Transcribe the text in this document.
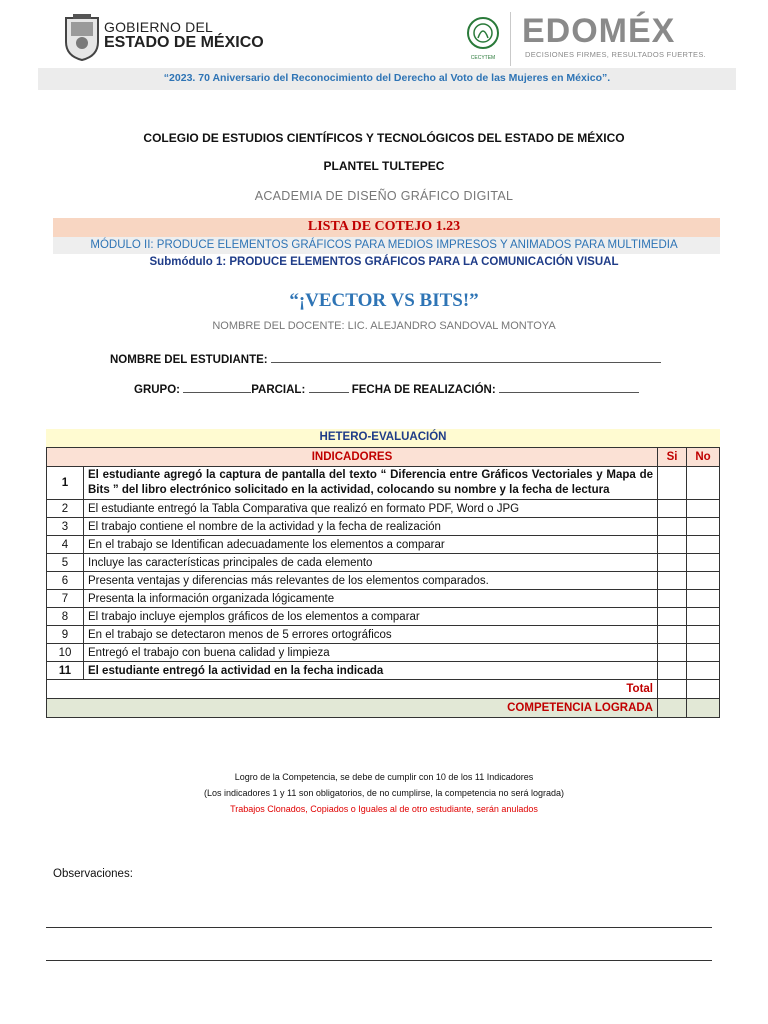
GOBIERNO DEL
ESTADO DE MÉXICO
CECYTEM
EDOMÉX
DECISIONES FIRMES, RESULTADOS FUERTES.
“2023. 70 Aniversario del Reconocimiento del Derecho al Voto de las Mujeres en México”.
COLEGIO DE ESTUDIOS CIENTÍFICOS Y TECNOLÓGICOS DEL ESTADO DE MÉXICO
PLANTEL TULTEPEC
ACADEMIA DE DISEÑO GRÁFICO DIGITAL
LISTA DE COTEJO 1.23
MÓDULO II: PRODUCE ELEMENTOS GRÁFICOS PARA MEDIOS IMPRESOS Y ANIMADOS PARA MULTIMEDIA
Submódulo 1: PRODUCE ELEMENTOS GRÁFICOS PARA LA COMUNICACIÓN VISUAL
“¡VECTOR VS BITS!”
NOMBRE DEL DOCENTE: LIC. ALEJANDRO SANDOVAL MONTOYA
NOMBRE DEL ESTUDIANTE:
GRUPO:	PARCIAL:	FECHA DE REALIZACIÓN:
HETERO-EVALUACIÓN
INDICADORES		Si	No
1	El estudiante agregó la captura de pantalla del texto “ Diferencia entre Gráficos Vectoriales y Mapa de Bits ” del libro electrónico solicitado en la actividad, colocando su nombre y la fecha de lectura		
2	El estudiante entregó la Tabla Comparativa que realizó en formato PDF, Word o JPG		
3	El trabajo contiene el nombre de la actividad y la fecha de realización		
4	En el trabajo se Identifican adecuadamente los elementos a comparar		
5	Incluye las características principales de cada elemento		
6	Presenta ventajas y diferencias más relevantes de los elementos comparados.		
7	Presenta la información organizada lógicamente		
8	El trabajo incluye ejemplos gráficos de los elementos a comparar		
9	En el trabajo se detectaron menos de 5 errores ortográficos		
10	Entregó el trabajo con buena calidad y limpieza		
11	El estudiante entregó la actividad en la fecha indicada		
Total			
COMPETENCIA LOGRADA			
Logro de la Competencia, se debe de cumplir con 10 de los 11 Indicadores
(Los indicadores 1 y 11 son obligatorios, de no cumplirse, la competencia no será lograda)
Trabajos Clonados, Copiados o Iguales al de otro estudiante, serán anulados
Observaciones:
